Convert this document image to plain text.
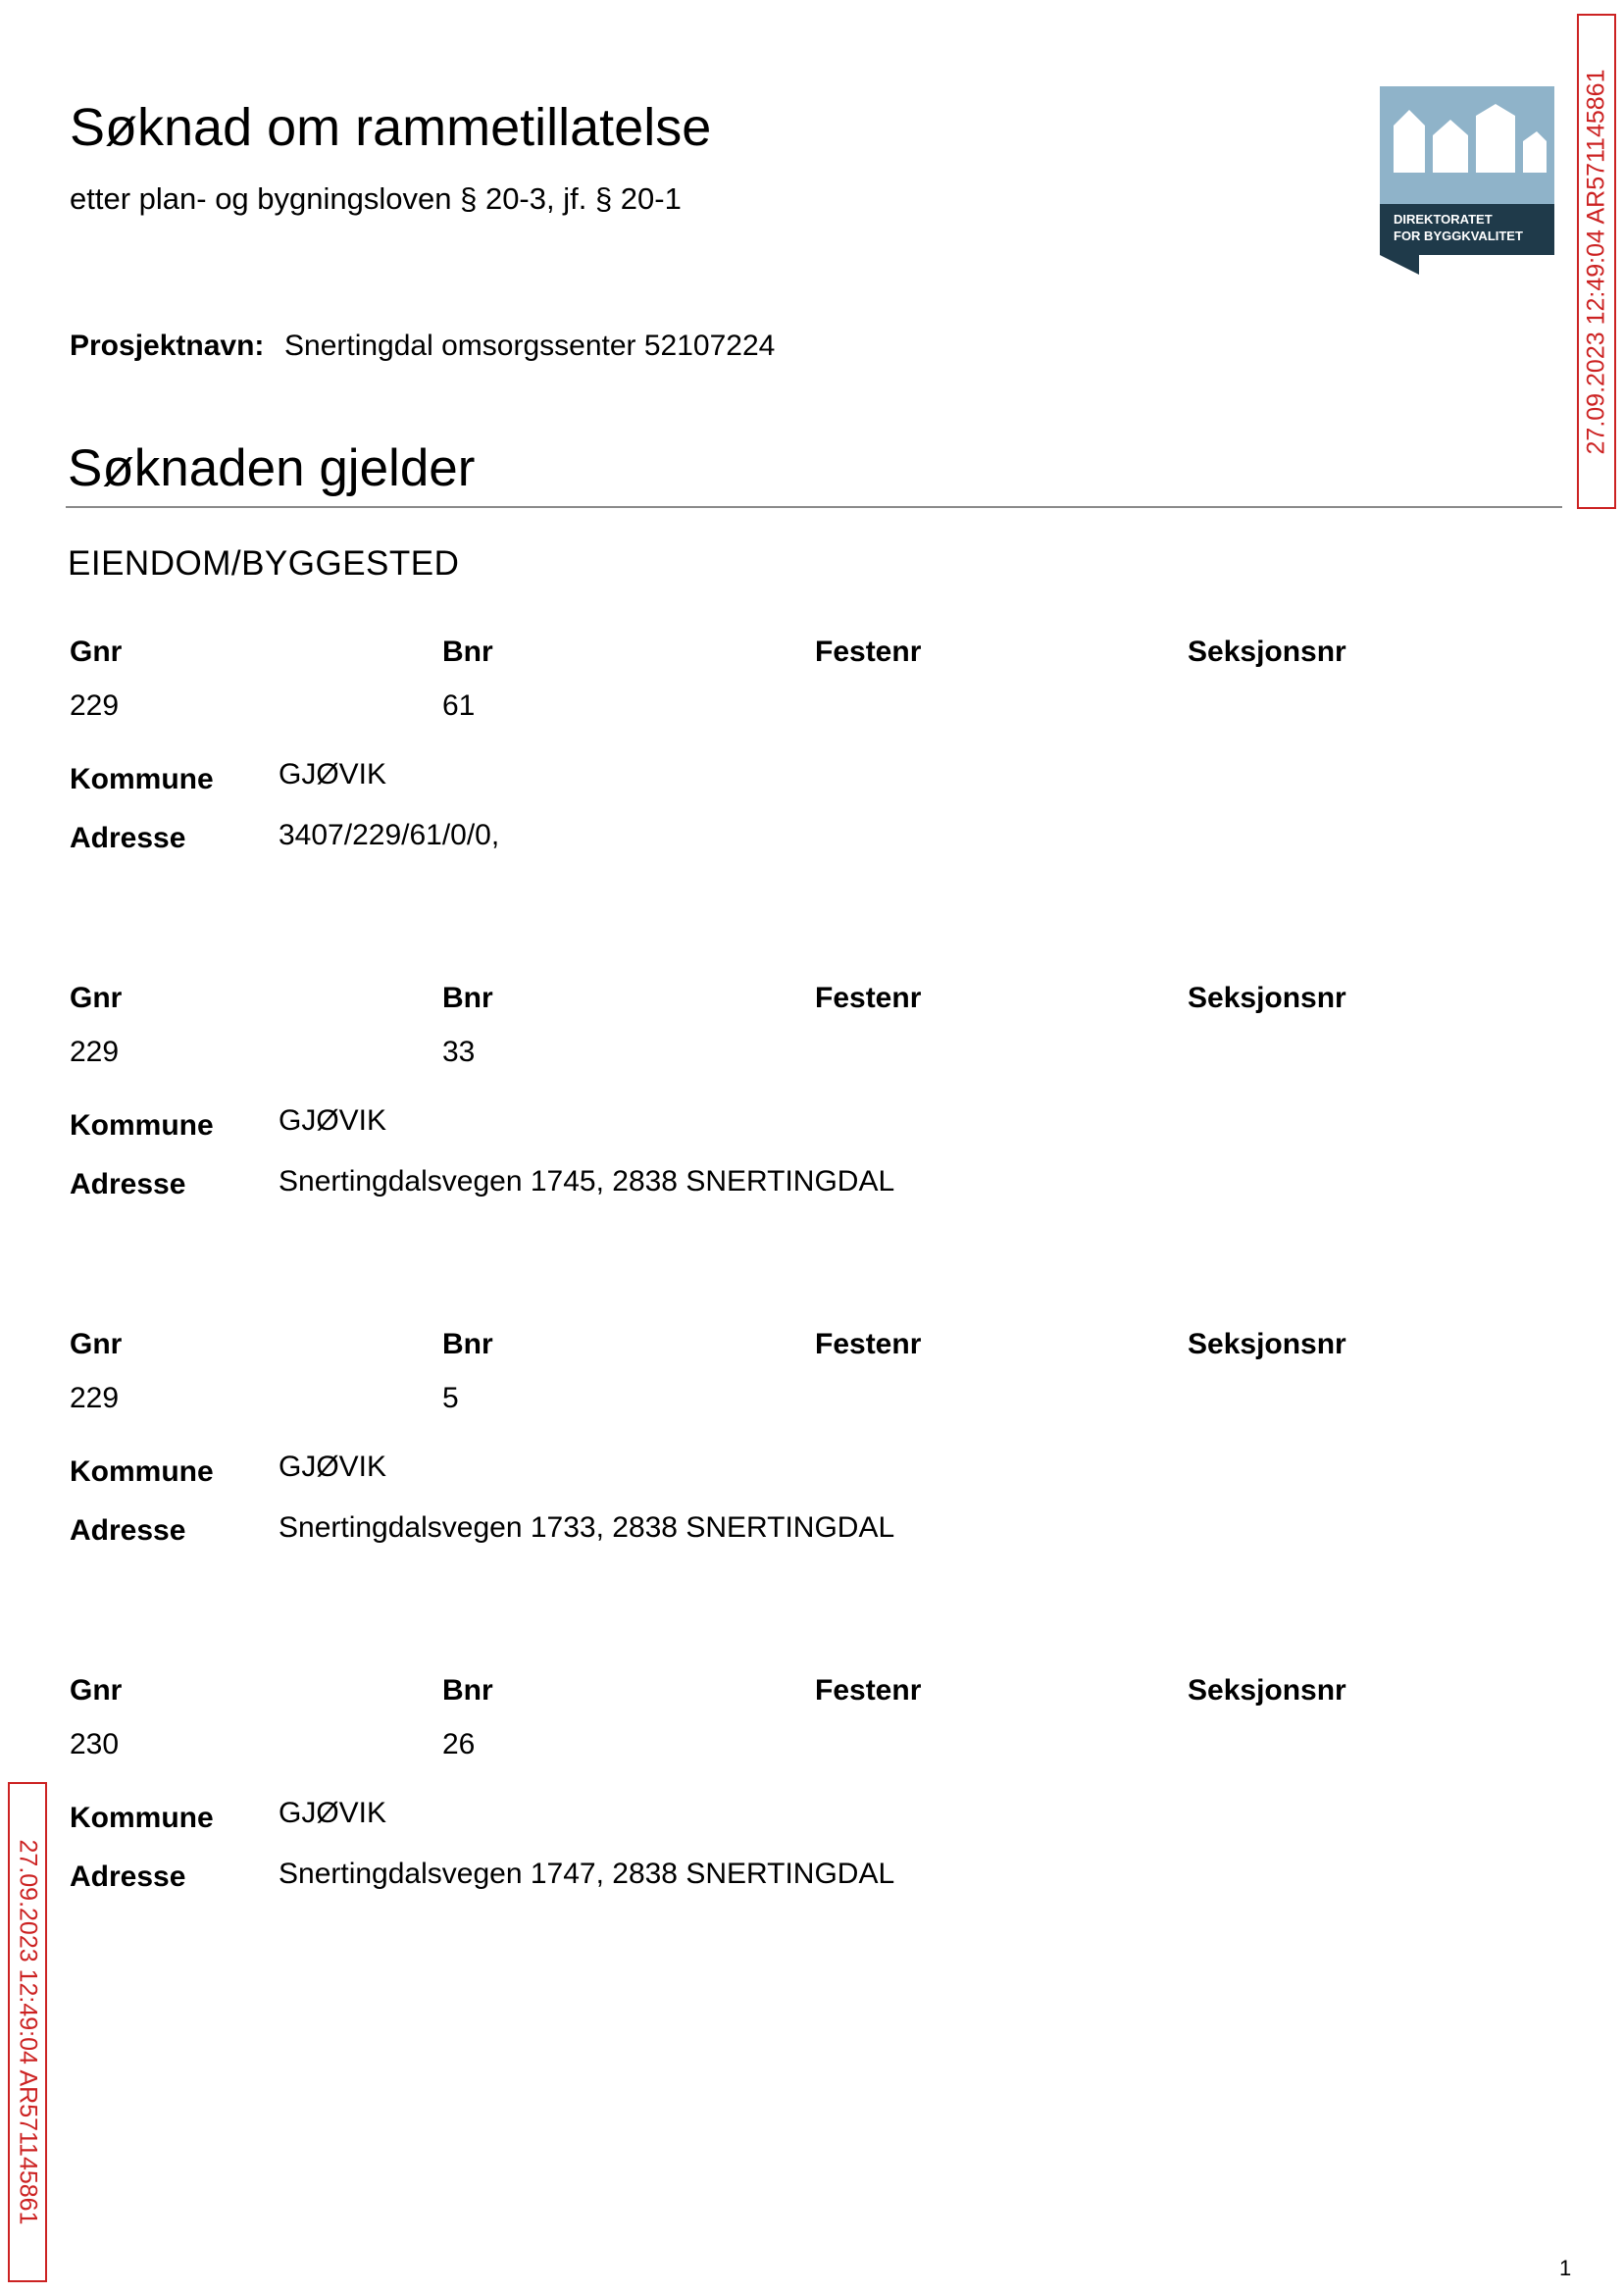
Søknad om rammetillatelse
etter plan- og bygningsloven § 20-3, jf. § 20-1
Prosjektnavn: Snertingdal omsorgssenter 52107224
Søknaden gjelder
EIENDOM/BYGGESTED
Gnr	Bnr	Festenr	Seksjonsnr
229	61
Kommune GJØVIK
Adresse	3407/229/61/0/0,
Gnr	Bnr	Festenr	Seksjonsnr
229	33
Kommune GJØVIK
Adresse	Snertingdalsvegen 1745, 2838 SNERTINGDAL
Gnr	Bnr	Festenr	Seksjonsnr
229	5
Kommune GJØVIK
Adresse	Snertingdalsvegen 1733, 2838 SNERTINGDAL
Gnr	Bnr	Festenr	Seksjonsnr
230	26
Kommune GJØVIK
Adresse	Snertingdalsvegen 1747, 2838 SNERTINGDAL
DIREKTORATET
FOR BYGGKVALITET 27.09.2023 12:49:04 AR571145861
27.09.2023 12:49:04 AR571145861
1
